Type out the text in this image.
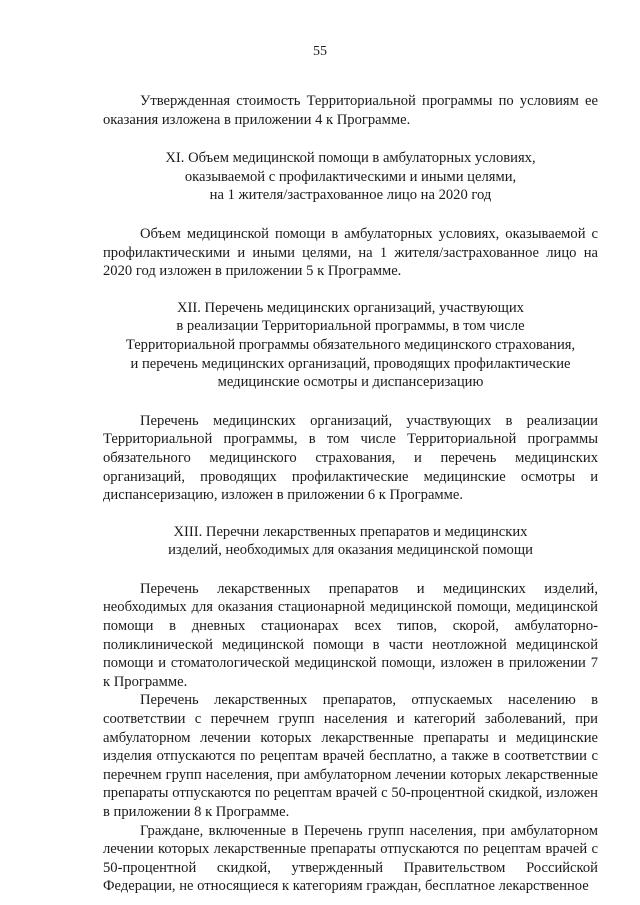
55

Утвержденная стоимость Территориальной программы по условиям ее оказания изложена в приложении 4 к Программе.

XI. Объем медицинской помощи в амбулаторных условиях,
оказываемой с профилактическими и иными целями,
на 1 жителя/застрахованное лицо на 2020 год

Объем медицинской помощи в амбулаторных условиях, оказываемой с профилактическими и иными целями, на 1 жителя/застрахованное лицо на 2020 год изложен в приложении 5 к Программе.

XII. Перечень медицинских организаций, участвующих
в реализации Территориальной программы, в том числе
Территориальной программы обязательного медицинского страхования,
и перечень медицинских организаций, проводящих профилактические
медицинские осмотры и диспансеризацию

Перечень медицинских организаций, участвующих в реализации Территориальной программы, в том числе Территориальной программы обязательного медицинского страхования, и перечень медицинских организаций, проводящих профилактические медицинские осмотры и диспансеризацию, изложен в приложении 6 к Программе.

XIII. Перечни лекарственных препаратов и медицинских
изделий, необходимых для оказания медицинской помощи

Перечень лекарственных препаратов и медицинских изделий, необходимых для оказания стационарной медицинской помощи, медицинской помощи в дневных стационарах всех типов, скорой, амбулаторно-поликлинической медицинской помощи в части неотложной медицинской помощи и стоматологической медицинской помощи, изложен в приложении 7 к Программе.

Перечень лекарственных препаратов, отпускаемых населению в соответствии с перечнем групп населения и категорий заболеваний, при амбулаторном лечении которых лекарственные препараты и медицинские изделия отпускаются по рецептам врачей бесплатно, а также в соответствии с перечнем групп населения, при амбулаторном лечении которых лекарственные препараты отпускаются по рецептам врачей с 50-процентной скидкой, изложен в приложении 8 к Программе.

Граждане, включенные в Перечень групп населения, при амбулаторном лечении которых лекарственные препараты отпускаются по рецептам врачей с 50-процентной скидкой, утвержденный Правительством Российской Федерации, не относящиеся к категориям граждан, бесплатное лекарственное
